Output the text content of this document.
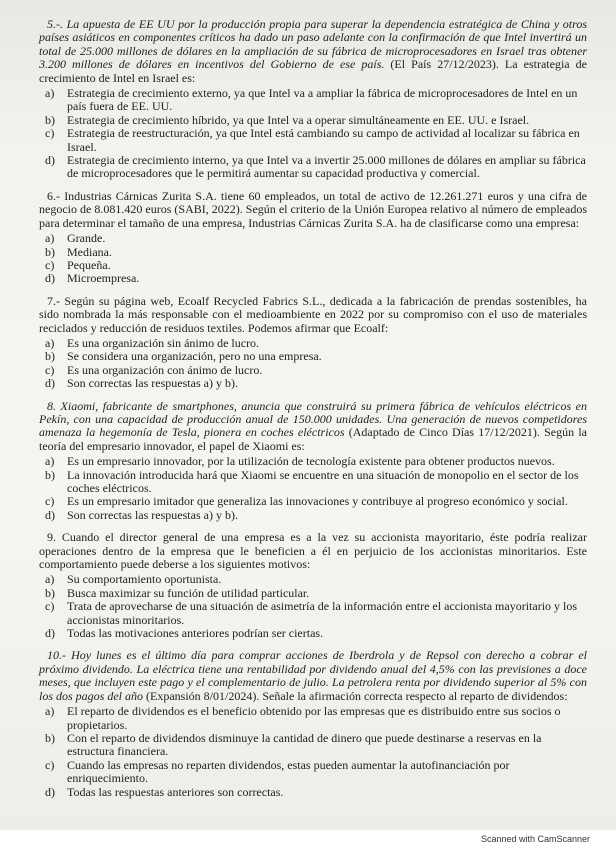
5.-. La apuesta de EE UU por la producción propia para superar la dependencia estratégica de China y otros países asiáticos en componentes críticos ha dado un paso adelante con la confirmación de que Intel invertirá un total de 25.000 millones de dólares en la ampliación de su fábrica de microprocesadores en Israel tras obtener 3.200 millones de dólares en incentivos del Gobierno de ese país. (El País 27/12/2023). La estrategia de crecimiento de Intel en Israel es:

a) Estrategia de crecimiento externo, ya que Intel va a ampliar la fábrica de microprocesadores de Intel en un país fuera de EE. UU.
b) Estrategia de crecimiento híbrido, ya que Intel va a operar simultáneamente en EE. UU. e Israel.
c) Estrategia de reestructuración, ya que Intel está cambiando su campo de actividad al localizar su fábrica en Israel.
d) Estrategia de crecimiento interno, ya que Intel va a invertir 25.000 millones de dólares en ampliar su fábrica de microprocesadores que le permitirá aumentar su capacidad productiva y comercial.

6.- Industrias Cárnicas Zurita S.A. tiene 60 empleados, un total de activo de 12.261.271 euros y una cifra de negocio de 8.081.420 euros (SABI, 2022). Según el criterio de la Unión Europea relativo al número de empleados para determinar el tamaño de una empresa, Industrias Cárnicas Zurita S.A. ha de clasificarse como una empresa:

a) Grande.
b) Mediana.
c) Pequeña.
d) Microempresa.

7.- Según su página web, Ecoalf Recycled Fabrics S.L., dedicada a la fabricación de prendas sostenibles, ha sido nombrada la más responsable con el medioambiente en 2022 por su compromiso con el uso de materiales reciclados y reducción de residuos textiles. Podemos afirmar que Ecoalf:

a) Es una organización sin ánimo de lucro.
b) Se considera una organización, pero no una empresa.
c) Es una organización con ánimo de lucro.
d) Son correctas las respuestas a) y b).

8. Xiaomi, fabricante de smartphones, anuncia que construirá su primera fábrica de vehículos eléctricos en Pekín, con una capacidad de producción anual de 150.000 unidades. Una generación de nuevos competidores amenaza la hegemonía de Tesla, pionera en coches eléctricos (Adaptado de Cinco Días 17/12/2021). Según la teoría del empresario innovador, el papel de Xiaomi es:

a) Es un empresario innovador, por la utilización de tecnología existente para obtener productos nuevos.
b) La innovación introducida hará que Xiaomi se encuentre en una situación de monopolio en el sector de los coches eléctricos.
c) Es un empresario imitador que generaliza las innovaciones y contribuye al progreso económico y social.
d) Son correctas las respuestas a) y b).

9. Cuando el director general de una empresa es a la vez su accionista mayoritario, éste podría realizar operaciones dentro de la empresa que le beneficien a él en perjuicio de los accionistas minoritarios. Este comportamiento puede deberse a los siguientes motivos:

a) Su comportamiento oportunista.
b) Busca maximizar su función de utilidad particular.
c) Trata de aprovecharse de una situación de asimetría de la información entre el accionista mayoritario y los accionistas minoritarios.
d) Todas las motivaciones anteriores podrían ser ciertas.

10.- Hoy lunes es el último día para comprar acciones de Iberdrola y de Repsol con derecho a cobrar el próximo dividendo. La eléctrica tiene una rentabilidad por dividendo anual del 4,5% con las previsiones a doce meses, que incluyen este pago y el complementario de julio. La petrolera renta por dividendo superior al 5% con los dos pagos del año (Expansión 8/01/2024). Señale la afirmación correcta respecto al reparto de dividendos:

a) El reparto de dividendos es el beneficio obtenido por las empresas que es distribuido entre sus socios o propietarios.
b) Con el reparto de dividendos disminuye la cantidad de dinero que puede destinarse a reservas en la estructura financiera.
c) Cuando las empresas no reparten dividendos, estas pueden aumentar la autofinanciación por enriquecimiento.
d) Todas las respuestas anteriores son correctas.
Scanned with CamScanner
